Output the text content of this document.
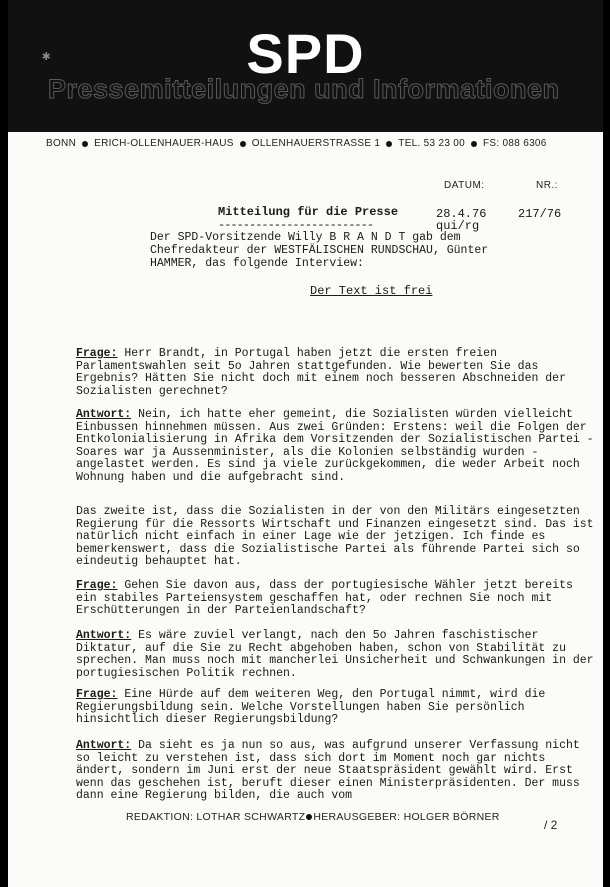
✱	SPD
Pressemitteilungen und Informationen
BONN ERICH-OLLENHAUER-HAUS OLLENHAUERSTRASSE 1 TEL. 53 23 00 FS: 088 6306
DATUM:	NR.:
Mitteilung für die Presse
-------------------------
28.4.76
qui/rg
217/76

Der SPD-Vorsitzende Willy B R A N D T gab dem Chefredakteur der WESTFÄLISCHEN RUNDSCHAU, Günter HAMMER, das folgende Interview:

Der Text ist frei

Frage: Herr Brandt, in Portugal haben jetzt die ersten freien Parlamentswahlen seit 5o Jahren stattgefunden. Wie bewerten Sie das Ergebnis? Hätten Sie nicht doch mit einem noch besseren Abschneiden der Sozialisten gerechnet?

Antwort: Nein, ich hatte eher gemeint, die Sozialisten würden vielleicht Einbussen hinnehmen müssen. Aus zwei Gründen: Erstens: weil die Folgen der Entkolonialisierung in Afrika dem Vorsitzenden der Sozialistischen Partei - Soares war ja Aussenminister, als die Kolonien selbständig wurden - angelastet werden. Es sind ja viele zurückgekommen, die weder Arbeit noch Wohnung haben und die aufgebracht sind.

Das zweite ist, dass die Sozialisten in der von den Militärs eingesetzten Regierung für die Ressorts Wirtschaft und Finanzen eingesetzt sind. Das ist natürlich nicht einfach in einer Lage wie der jetzigen. Ich finde es bemerkenswert, dass die Sozialistische Partei als führende Partei sich so eindeutig behauptet hat.

Frage: Gehen Sie davon aus, dass der portugiesische Wähler jetzt bereits ein stabiles Parteiensystem geschaffen hat, oder rechnen Sie noch mit Erschütterungen in der Parteienlandschaft?

Antwort: Es wäre zuviel verlangt, nach den 5o Jahren faschistischer Diktatur, auf die Sie zu Recht abgehoben haben, schon von Stabilität zu sprechen. Man muss noch mit mancherlei Unsicherheit und Schwankungen in der portugiesischen Politik rechnen.

Frage: Eine Hürde auf dem weiteren Weg, den Portugal nimmt, wird die Regierungsbildung sein. Welche Vorstellungen haben Sie persönlich hinsichtlich dieser Regierungsbildung?

Antwort: Da sieht es ja nun so aus, was aufgrund unserer Verfassung nicht so leicht zu verstehen ist, dass sich dort im Moment noch gar nichts ändert, sondern im Juni erst der neue Staatspräsident gewählt wird. Erst wenn das geschehen ist, beruft dieser einen Ministerpräsidenten. Der muss dann eine Regierung bilden, die auch vom

REDAKTION: LOTHAR SCHWARTZ HERAUSGEBER: HOLGER BÖRNER
/ 2
